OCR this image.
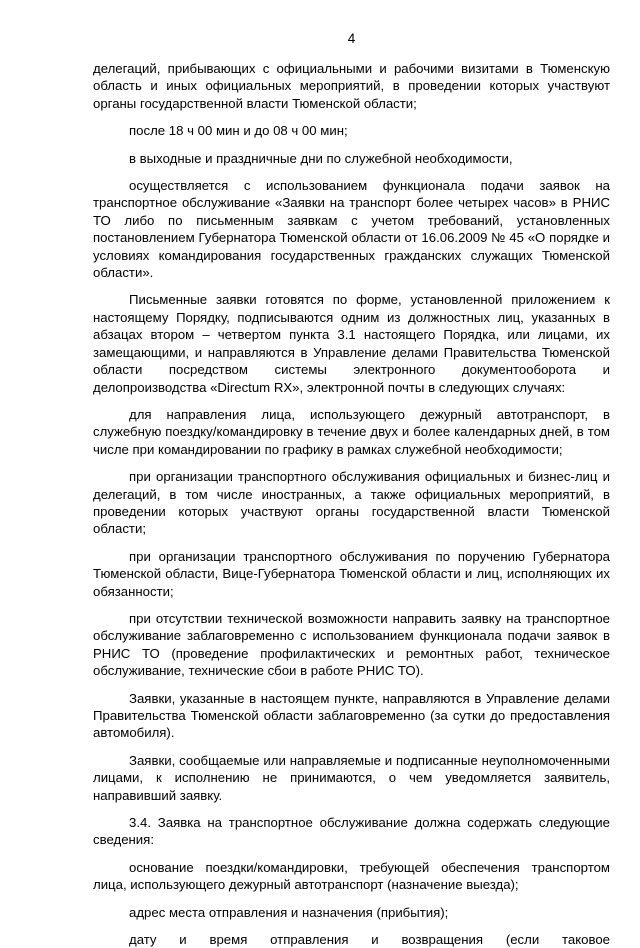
4

делегаций, прибывающих с официальными и рабочими визитами в Тюменскую область и иных официальных мероприятий, в проведении которых участвуют органы государственной власти Тюменской области;

после 18 ч 00 мин и до 08 ч 00 мин;

в выходные и праздничные дни по служебной необходимости,

осуществляется с использованием функционала подачи заявок на транспортное обслуживание «Заявки на транспорт более четырех часов» в РНИС ТО либо по письменным заявкам с учетом требований, установленных постановлением Губернатора Тюменской области от 16.06.2009 № 45 «О порядке и условиях командирования государственных гражданских служащих Тюменской области».

Письменные заявки готовятся по форме, установленной приложением к настоящему Порядку, подписываются одним из должностных лиц, указанных в абзацах втором – четвертом пункта 3.1 настоящего Порядка, или лицами, их замещающими, и направляются в Управление делами Правительства Тюменской области посредством системы электронного документооборота и делопроизводства «Directum RX», электронной почты в следующих случаях:

для направления лица, использующего дежурный автотранспорт, в служебную поездку/командировку в течение двух и более календарных дней, в том числе при командировании по графику в рамках служебной необходимости;

при организации транспортного обслуживания официальных и бизнес-лиц и делегаций, в том числе иностранных, а также официальных мероприятий, в проведении которых участвуют органы государственной власти Тюменской области;

при организации транспортного обслуживания по поручению Губернатора Тюменской области, Вице-Губернатора Тюменской области и лиц, исполняющих их обязанности;

при отсутствии технической возможности направить заявку на транспортное обслуживание заблаговременно с использованием функционала подачи заявок в РНИС ТО (проведение профилактических и ремонтных работ, техническое обслуживание, технические сбои в работе РНИС ТО).

Заявки, указанные в настоящем пункте, направляются в Управление делами Правительства Тюменской области заблаговременно (за сутки до предоставления автомобиля).

Заявки, сообщаемые или направляемые и подписанные неуполномоченными лицами, к исполнению не принимаются, о чем уведомляется заявитель, направивший заявку.

3.4. Заявка на транспортное обслуживание должна содержать следующие сведения:

основание поездки/командировки, требующей обеспечения транспортом лица, использующего дежурный автотранспорт (назначение выезда);

адрес места отправления и назначения (прибытия);

дату и время отправления и возвращения (если таковое
